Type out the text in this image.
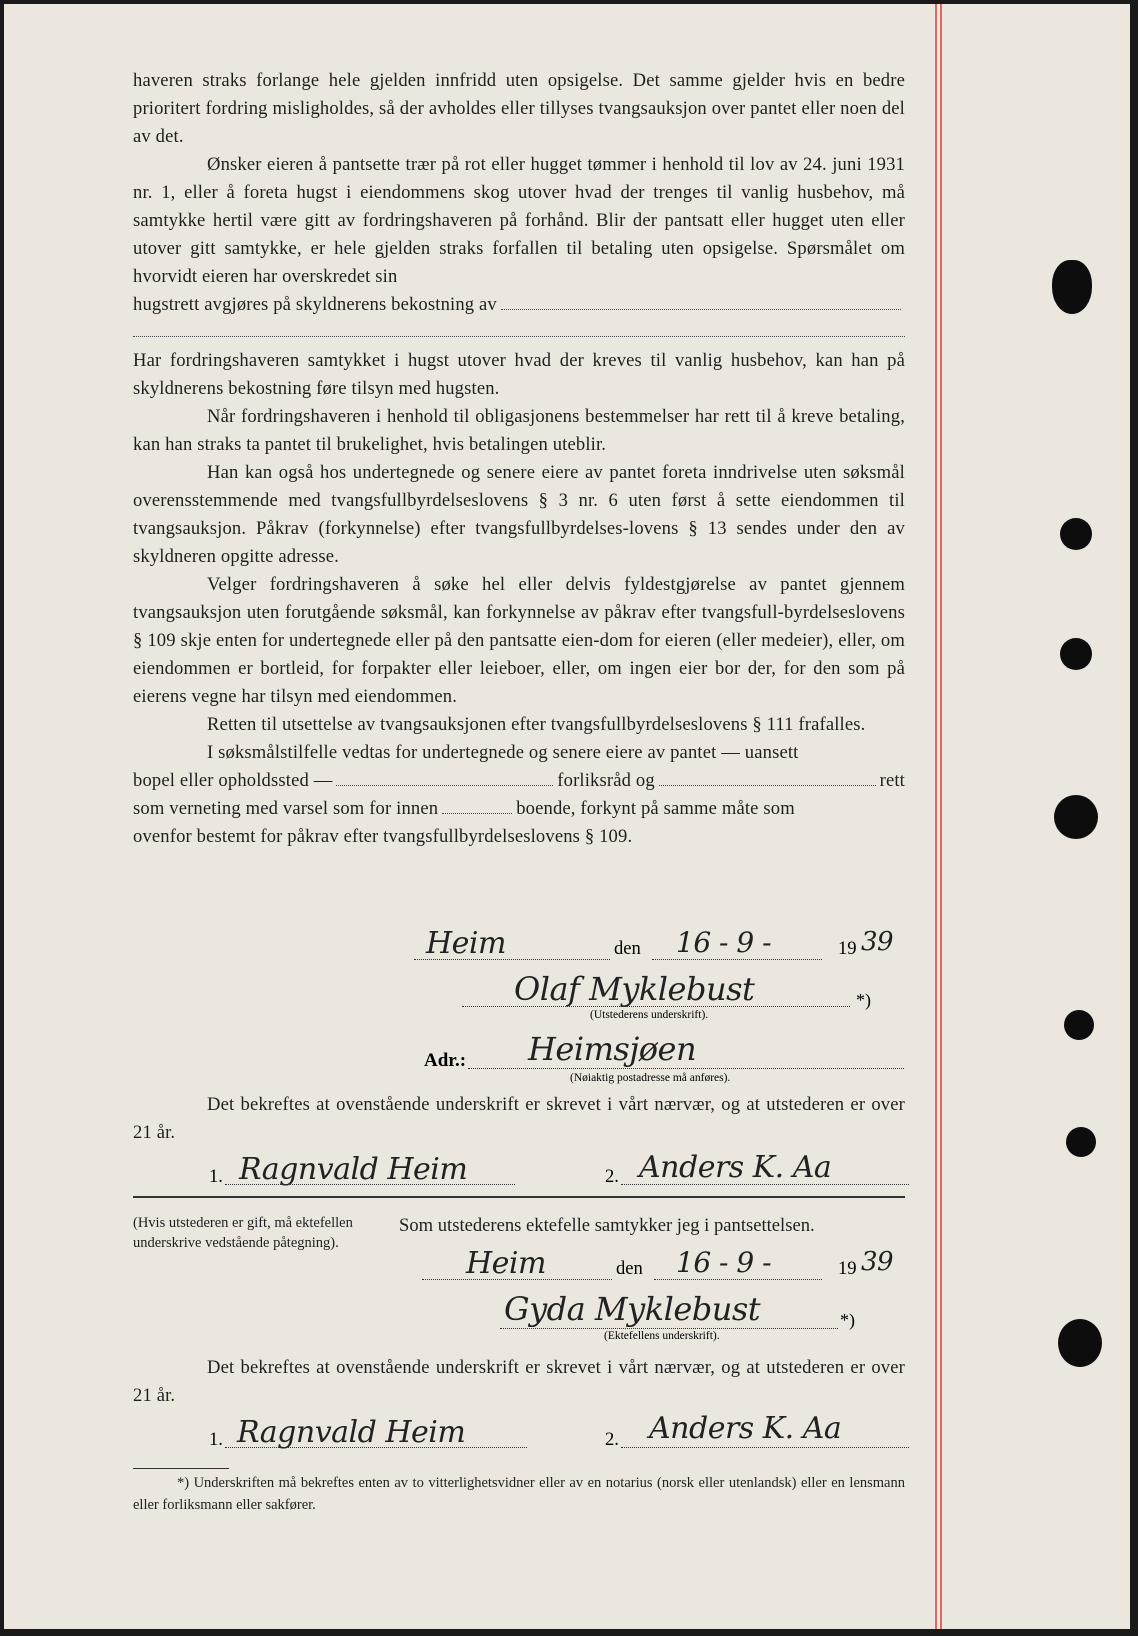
haveren straks forlange hele gjelden innfridd uten opsigelse. Det samme gjelder hvis en bedre prioritert fordring misligholdes, så der avholdes eller tillyses tvangsauksjon over pantet eller noen del av det.

Ønsker eieren å pantsette trær på rot eller hugget tømmer i henhold til lov av 24. juni 1931 nr. 1, eller å foreta hugst i eiendommens skog utover hvad der trenges til vanlig husbehov, må samtykke hertil være gitt av fordringshaveren på forhånd. Blir der pantsatt eller hugget uten eller utover gitt samtykke, er hele gjelden straks forfallen til betaling uten opsigelse. Spørsmålet om hvorvidt eieren har overskredet sin

hugstrett avgjøres på skyldnerens bekostning av

Har fordringshaveren samtykket i hugst utover hvad der kreves til vanlig husbehov, kan han på skyldnerens bekostning føre tilsyn med hugsten.

Når fordringshaveren i henhold til obligasjonens bestemmelser har rett til å kreve betaling, kan han straks ta pantet til brukelighet, hvis betalingen uteblir.

Han kan også hos undertegnede og senere eiere av pantet foreta inndrivelse uten søksmål overensstemmende med tvangsfullbyrdelseslovens § 3 nr. 6 uten først å sette eiendommen til tvangsauksjon. Påkrav (forkynnelse) efter tvangsfullbyrdelses-lovens § 13 sendes under den av skyldneren opgitte adresse.

Velger fordringshaveren å søke hel eller delvis fyldestgjørelse av pantet gjennem tvangsauksjon uten forutgående søksmål, kan forkynnelse av påkrav efter tvangsfull-byrdelseslovens § 109 skje enten for undertegnede eller på den pantsatte eien-dom for eieren (eller medeier), eller, om eiendommen er bortleid, for forpakter eller leieboer, eller, om ingen eier bor der, for den som på eierens vegne har tilsyn med eiendommen.

Retten til utsettelse av tvangsauksjonen efter tvangsfullbyrdelseslovens § 111 frafalles.

I søksmålstilfelle vedtas for undertegnede og senere eiere av pantet — uansett

bopel eller opholdssted —	forliksråd og	rett
som verneting med varsel som for innen	boende, forkynt på samme måte som
ovenfor bestemt for påkrav efter tvangsfullbyrdelseslovens § 109.
Heim	den 16 - 9 -	19 39
Olaf Myklebust	*)
(Utstederens underskrift).
Adr.: Heimsjøen
(Nøiaktig postadresse må anføres).

Det bekreftes at ovenstående underskrift er skrevet i vårt nærvær, og at utstederen er over 21 år.

1. Ragnvald Heim	2. Anders K. Aa
(Hvis utstederen er gift, må ektefellen underskrive vedstående påtegning).
Som utstederens ektefelle samtykker jeg i pantsettelsen.
Heim	den 16 - 9 -	19 39
Gyda Myklebust	*)
(Ektefellens underskrift).

Det bekreftes at ovenstående underskrift er skrevet i vårt nærvær, og at utstederen er over 21 år.

1. Ragnvald Heim	2. Anders K. Aa
*) Underskriften må bekreftes enten av to vitterlighetsvidner eller av en notarius (norsk eller utenlandsk) eller en lensmann eller forliksmann eller sakfører.
